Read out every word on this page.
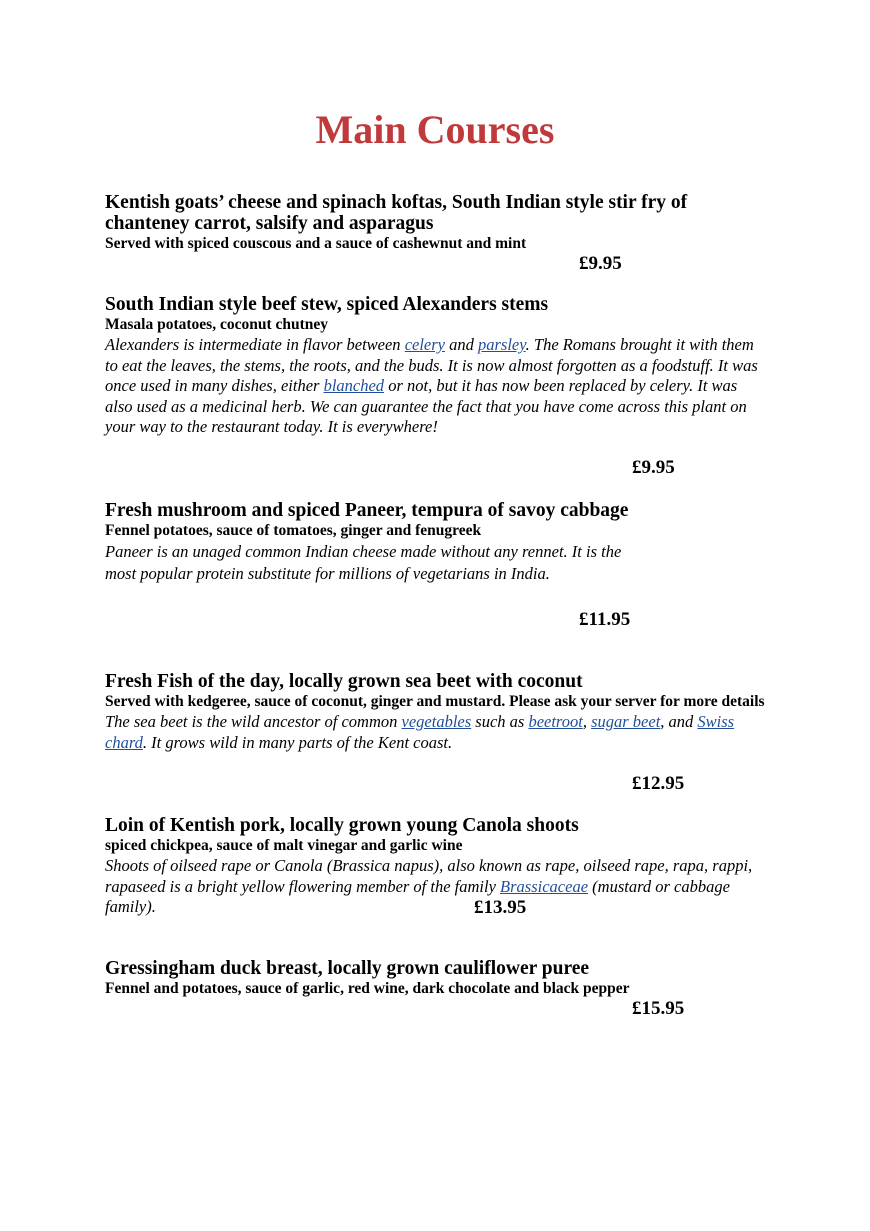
Main Courses
Kentish goats’ cheese and spinach koftas, South Indian style stir fry of chanteney carrot, salsify and asparagus
Served with spiced couscous and a sauce of cashewnut and mint
£9.95
South Indian style beef stew, spiced Alexanders stems
Masala potatoes, coconut chutney
Alexanders is intermediate in flavor between celery and parsley. The Romans brought it with them to eat the leaves, the stems, the roots, and the buds. It is now almost forgotten as a foodstuff. It was once used in many dishes, either blanched or not, but it has now been replaced by celery. It was also used as a medicinal herb. We can guarantee the fact that you have come across this plant on your way to the restaurant today. It is everywhere!
£9.95
Fresh mushroom and spiced Paneer, tempura of savoy cabbage
Fennel potatoes, sauce of tomatoes, ginger and fenugreek
Paneer is an unaged common Indian cheese made without any rennet. It is the most popular protein substitute for millions of vegetarians in India.
£11.95
Fresh Fish of the day, locally grown sea beet with coconut
Served with kedgeree, sauce of coconut, ginger and mustard. Please ask your server for more details
The sea beet is the wild ancestor of common vegetables such as beetroot, sugar beet, and Swiss chard. It grows wild in many parts of the Kent coast.
£12.95
Loin of Kentish pork, locally grown young Canola shoots
spiced chickpea, sauce of malt vinegar and garlic wine
Shoots of oilseed rape or Canola (Brassica napus), also known as rape, oilseed rape, rapa, rappi, rapaseed is a bright yellow flowering member of the family Brassicaceae (mustard or cabbage family).	£13.95
Gressingham duck breast, locally grown cauliflower puree
Fennel and potatoes, sauce of garlic, red wine, dark chocolate and black pepper
£15.95
